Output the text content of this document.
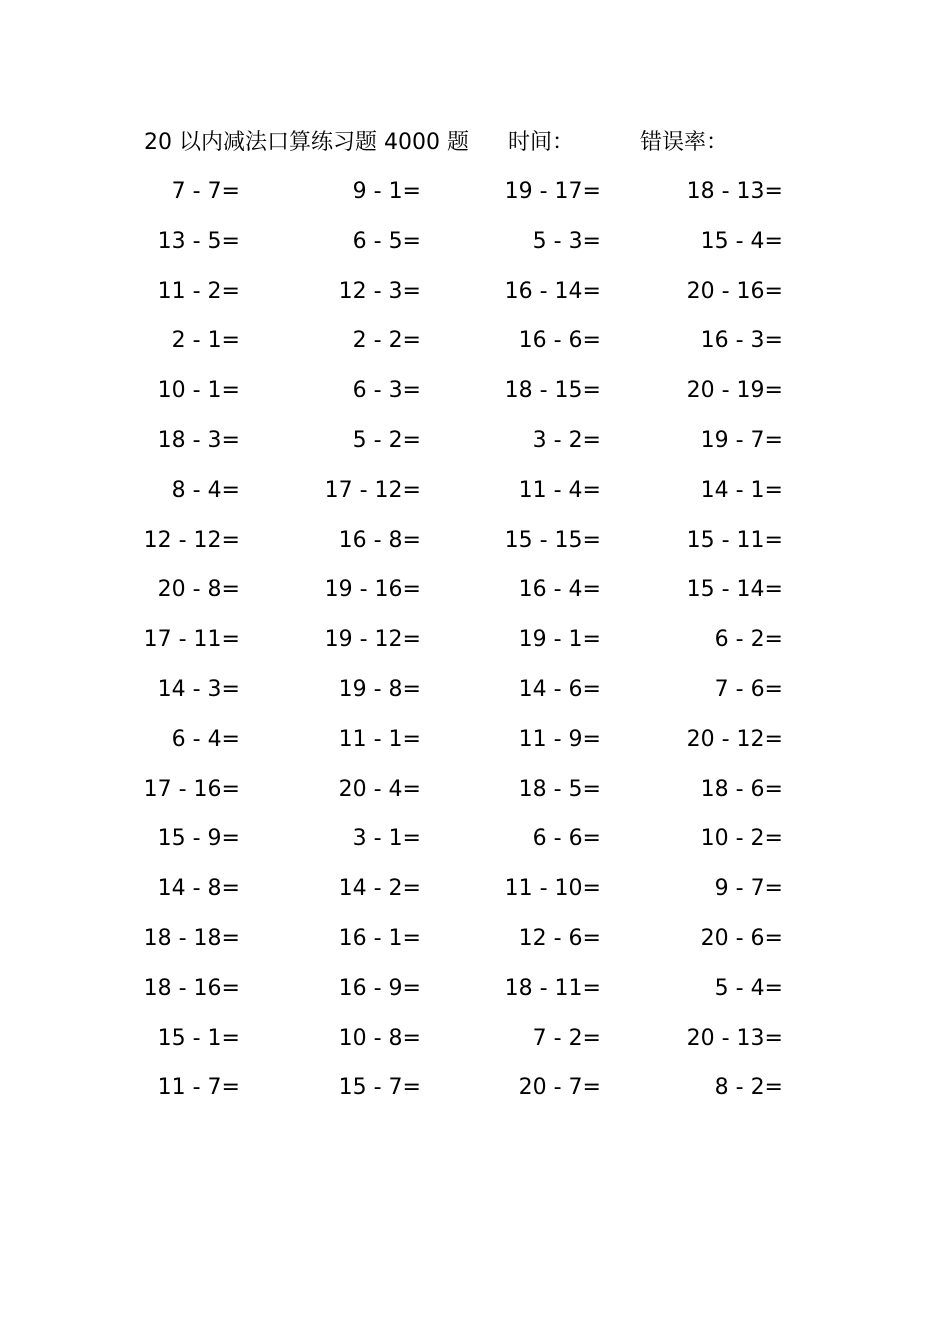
20 以内减法口算练习题 4000 题 时间：	错误率：
7 - 7=	9 - 1=	19 - 17=	18 - 13=
13 - 5=	6 - 5=	5 - 3=	15 - 4=
11 - 2=	12 - 3=	16 - 14=	20 - 16=
2 - 1=	2 - 2=	16 - 6=	16 - 3=
10 - 1=	6 - 3=	18 - 15=	20 - 19=
18 - 3=	5 - 2=	3 - 2=	19 - 7=
8 - 4=	17 - 12=	11 - 4=	14 - 1=
12 - 12=	16 - 8=	15 - 15=	15 - 11=
20 - 8=	19 - 16=	16 - 4=	15 - 14=
17 - 11=	19 - 12=	19 - 1=	6 - 2=
14 - 3=	19 - 8=	14 - 6=	7 - 6=
6 - 4=	11 - 1=	11 - 9=	20 - 12=
17 - 16=	20 - 4=	18 - 5=	18 - 6=
15 - 9=	3 - 1=	6 - 6=	10 - 2=
14 - 8=	14 - 2=	11 - 10=	9 - 7=
18 - 18=	16 - 1=	12 - 6=	20 - 6=
18 - 16=	16 - 9=	18 - 11=	5 - 4=
15 - 1=	10 - 8=	7 - 2=	20 - 13=
11 - 7=	15 - 7=	20 - 7=	8 - 2=
